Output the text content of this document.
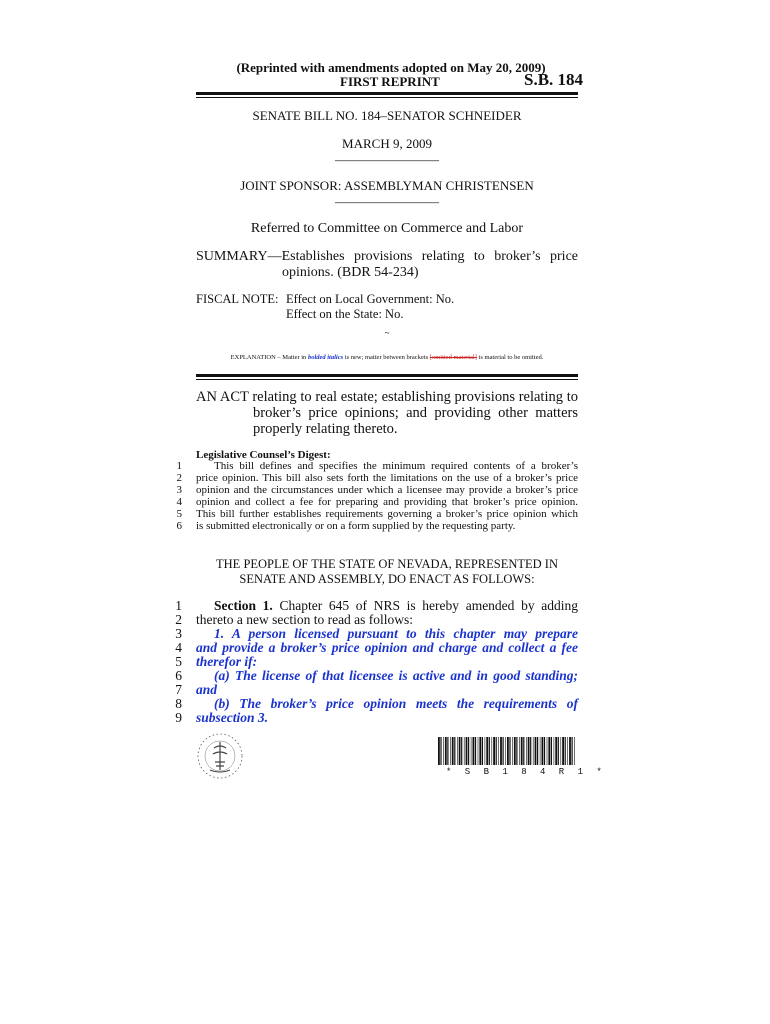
(Reprinted with amendments adopted on May 20, 2009)
FIRST REPRINT	S.B. 184
SENATE BILL NO. 184–SENATOR SCHNEIDER
MARCH 9, 2009
————————
JOINT SPONSOR: ASSEMBLYMAN CHRISTENSEN
————————
Referred to Committee on Commerce and Labor
SUMMARY—Establishes provisions relating to broker’s price
opinions. (BDR 54-234)
FISCAL NOTE: Effect on Local Government: No.
Effect on the State: No.
~
EXPLANATION – Matter in bolded italics is new; matter between brackets [omitted material] is material to be omitted.
AN ACT relating to real estate; establishing provisions relating to
broker’s price opinions; and providing other matters
properly relating thereto.
Legislative Counsel’s Digest:
1	This bill defines and specifies the minimum required contents of a broker’s
2 price opinion. This bill also sets forth the limitations on the use of a broker’s price
3 opinion and the circumstances under which a licensee may provide a broker’s price
4 opinion and collect a fee for preparing and providing that broker’s price opinion.
5 This bill further establishes requirements governing a broker’s price opinion which
6 is submitted electronically or on a form supplied by the requesting party.
THE PEOPLE OF THE STATE OF NEVADA, REPRESENTED IN
SENATE AND ASSEMBLY, DO ENACT AS FOLLOWS:
1	Section 1. Chapter 645 of NRS is hereby amended by adding
2 thereto a new section to read as follows:
3	1. A person licensed pursuant to this chapter may prepare
4 and provide a broker’s price opinion and charge and collect a fee
5 therefor if:
6	(a) The license of that licensee is active and in good standing;
7 and
8	(b) The broker’s price opinion meets the requirements of
9 subsection 3.
* S B 1 8 4 R 1 *
